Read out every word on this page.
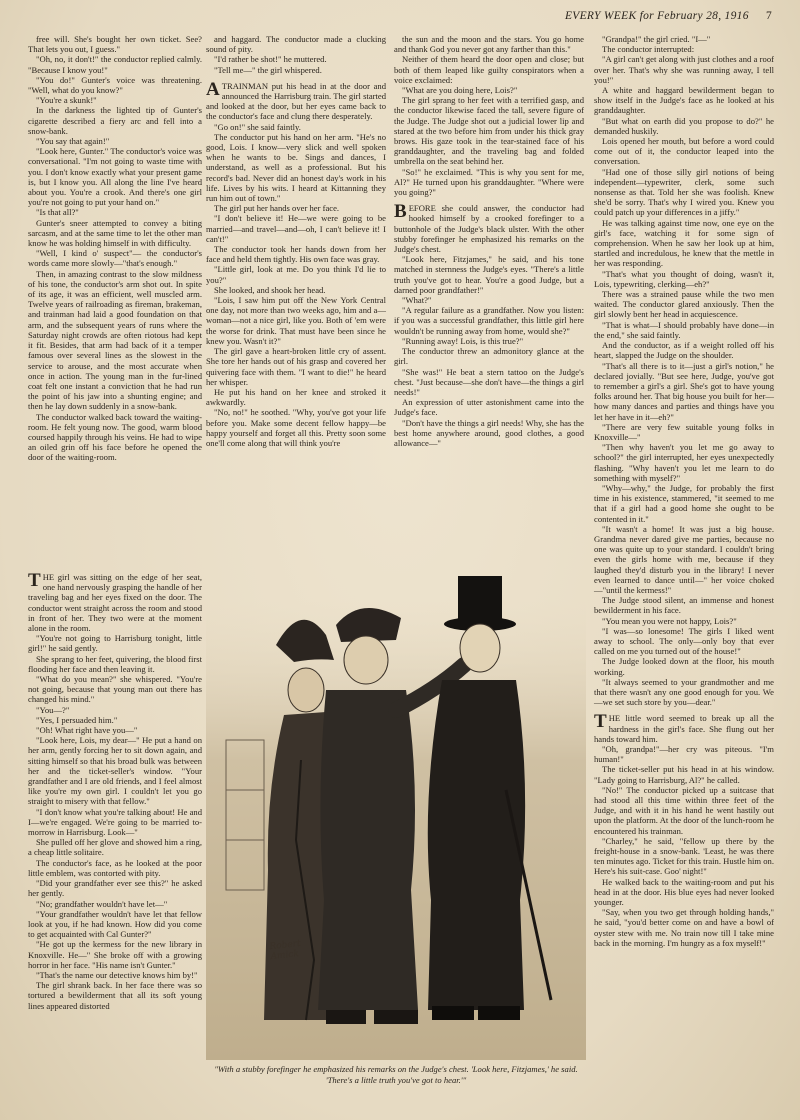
EVERY WEEK for February 28, 1916 7

free will. She's bought her own ticket. See? That lets you out, I guess."

"Oh, no, it don't!" the conductor replied calmly. "Because I know you!"

"You do!" Gunter's voice was threatening. "Well, what do you know?"

"You're a skunk!"

In the darkness the lighted tip of Gunter's cigarette described a fiery arc and fell into a snow-bank.

"You say that again!"

"Look here, Gunter." The conductor's voice was conversational. "I'm not going to waste time with you. I don't know exactly what your present game is, but I know you. All along the line I've heard about you. You're a crook. And there's one girl you're not going to put your hand on."

"Is that all?"

Gunter's sneer attempted to convey a biting sarcasm, and at the same time to let the other man know he was holding himself in with difficulty.

"Well, I kind o' suspect"— the conductor's words came more slowly—"that's enough."

Then, in amazing contrast to the slow mildness of his tone, the conductor's arm shot out. In spite of its age, it was an efficient, well muscled arm. Twelve years of railroading as fireman, brakeman, and trainman had laid a good foundation on that arm, and the subsequent years of runs where the Saturday night crowds are often riotous had kept it fit. Besides, that arm had back of it a temper famous over several lines as the slowest in the service to arouse, and the most accurate when once in action. The young man in the fur-lined coat felt one instant a conviction that he had run the point of his jaw into a shunting engine; and then he lay down suddenly in a snow-bank.

The conductor walked back toward the waiting-room. He felt young now. The good, warm blood coursed happily through his veins. He had to wipe an oiled grin off his face before he opened the door of the waiting-room.

THE girl was sitting on the edge of her seat, one hand nervously grasping the handle of her traveling bag and her eyes fixed on the door. The conductor went straight across the room and stood in front of her. They two were at the moment alone in the room.

"You're not going to Harrisburg tonight, little girl!" he said gently.

She sprang to her feet, quivering, the blood first flooding her face and then leaving it.

"What do you mean?" she whispered. "You're not going, because that young man out there has changed his mind."

"You—?"

"Yes, I persuaded him."

"Oh! What right have you—"

"Look here, Lois, my dear—" He put a hand on her arm, gently forcing her to sit down again, and sitting himself so that his broad bulk was between her and the ticket-seller's window. "Your grandfather and I are old friends, and I feel almost like you're my own girl. I couldn't let you go straight to misery with that fellow."

"I don't know what you're talking about! He and I—we're engaged. We're going to be married to-morrow in Harrisburg. Look—"

She pulled off her glove and showed him a ring, a cheap little solitaire.

The conductor's face, as he looked at the poor little emblem, was contorted with pity.

"Did your grandfather ever see this?" he asked her gently.

"No; grandfather wouldn't have let—"

"Your grandfather wouldn't have let that fellow look at you, if he had known. How did you come to get acquainted with Cal Gunter?"

"He got up the kermess for the new library in Knoxville. He—" She broke off with a growing horror in her face. "His name isn't Gunter."

"That's the name our detective knows him by!"

The girl shrank back. In her face there was so tortured a bewilderment that all its soft young lines appeared distorted

and haggard. The conductor made a clucking sound of pity.

"I'd rather be shot!" he muttered.

"Tell me—" the girl whispered.

ATRAINMAN put his head in at the door and announced the Harrisburg train. The girl started and looked at the door, but her eyes came back to the conductor's face and clung there desperately.

"Go on!" she said faintly.

The conductor put his hand on her arm. "He's no good, Lois. I know—very slick and well spoken when he wants to be. Sings and dances, I understand, as well as a professional. But his record's bad. Never did an honest day's work in his life. Lives by his wits. I heard at Kittanning they run him out of town."

The girl put her hands over her face.

"I don't believe it! He—we were going to be married—and travel—and—oh, I can't believe it! I can't!"

The conductor took her hands down from her face and held them tightly. His own face was gray.

"Little girl, look at me. Do you think I'd lie to you?"

She looked, and shook her head.

"Lois, I saw him put off the New York Central one day, not more than two weeks ago, him and a—woman—not a nice girl, like you. Both of 'em were the worse for drink. That must have been since he knew you. Wasn't it?"

The girl gave a heart-broken little cry of assent. She tore her hands out of his grasp and covered her quivering face with them. "I want to die!" he heard her whisper.

He put his hand on her knee and stroked it awkwardly.

"No, no!" he soothed. "Why, you've got your life before you. Make some decent fellow happy—be happy yourself and forget all this. Pretty soon some one'll come along that will think you're

the sun and the moon and the stars. You go home and thank God you never got any farther than this."

Neither of them heard the door open and close; but both of them leaped like guilty conspirators when a voice exclaimed:

"What are you doing here, Lois?"

The girl sprang to her feet with a terrified gasp, and the conductor likewise faced the tall, severe figure of the Judge. The Judge shot out a judicial lower lip and stared at the two before him from under his thick gray brows. His gaze took in the tear-stained face of his granddaughter, and the traveling bag and folded umbrella on the seat behind her.

"So!" he exclaimed. "This is why you sent for me, Al?" He turned upon his granddaughter. "Where were you going?"

BEFORE she could answer, the conductor had hooked himself by a crooked forefinger to a buttonhole of the Judge's black ulster. With the other stubby forefinger he emphasized his remarks on the Judge's chest.

"Look here, Fitzjames," he said, and his tone matched in sternness the Judge's eyes. "There's a little truth you've got to hear. You're a good Judge, but a darned poor grandfather!"

"What?"

"A regular failure as a grandfather. Now you listen: if you was a successful grandfather, this little girl here wouldn't be running away from home, would she?"

"Running away! Lois, is this true?"

The conductor threw an admonitory glance at the girl.

"She was!" He beat a stern tattoo on the Judge's chest. "Just because—she don't have—the things a girl needs!"

An expression of utter astonishment came into the Judge's face.

"Don't have the things a girl needs! Why, she has the best home anywhere around, good clothes, a good allowance—"

"Grandpa!" the girl cried. "I—"

The conductor interrupted:

"A girl can't get along with just clothes and a roof over her. That's why she was running away, I tell you!"

A white and haggard bewilderment began to show itself in the Judge's face as he looked at his granddaughter.

"But what on earth did you propose to do?" he demanded huskily.

Lois opened her mouth, but before a word could come out of it, the conductor leaped into the conversation.

"Had one of those silly girl notions of being independent—typewriter, clerk, some such nonsense as that. Told her she was foolish. Knew she'd be sorry. That's why I wired you. Knew you could patch up your differences in a jiffy."

He was talking against time now, one eye on the girl's face, watching it for some sign of comprehension. When he saw her look up at him, startled and incredulous, he knew that the mettle in her was responding.

"That's what you thought of doing, wasn't it, Lois, typewriting, clerking—eh?"

There was a strained pause while the two men waited. The conductor glared anxiously. Then the girl slowly bent her head in acquiescence.

"That is what—I should probably have done—in the end," she said faintly.

And the conductor, as if a weight rolled off his heart, slapped the Judge on the shoulder.

"That's all there is to it—just a girl's notion," he declared jovially. "But see here, Judge, you've got to remember a girl's a girl. She's got to have young folks around her. That big house you built for her—how many dances and parties and things have you let her have in it—eh?"

"There are very few suitable young folks in Knoxville—"

"Then why haven't you let me go away to school?" the girl interrupted, her eyes unexpectedly flashing. "Why haven't you let me learn to do something with myself?"

"Why—why," the Judge, for probably the first time in his existence, stammered, "it seemed to me that if a girl had a good home she ought to be contented in it."

"It wasn't a home! It was just a big house. Grandma never dared give me parties, because no one was quite up to your standard. I couldn't bring even the girls home with me, because if they laughed they'd disturb you in the library! I never even learned to dance until—" her voice choked—"until the kermess!"

The Judge stood silent, an immense and honest bewilderment in his face.

"You mean you were not happy, Lois?"

"I was—so lonesome! The girls I liked went away to school. The only—only boy that ever called on me you turned out of the house!"

The Judge looked down at the floor, his mouth working.

"It always seemed to your grandmother and me that there wasn't any one good enough for you. We—we set such store by you—dear."

THE little word seemed to break up all the hardness in the girl's face. She flung out her hands toward him.

"Oh, grandpa!"—her cry was piteous. "I'm human!"

The ticket-seller put his head in at his window. "Lady going to Harrisburg, Al?" he called.

"No!" The conductor picked up a suitcase that had stood all this time within three feet of the Judge, and with it in his hand he went hastily out upon the platform. At the door of the lunch-room he encountered his trainman.

"Charley," he said, "fellow up there by the freight-house in a snow-bank. 'Least, he was there ten minutes ago. Ticket for this train. Hustle him on. Here's his suit-case. Goo' night!"

He walked back to the waiting-room and put his head in at the door. His blue eyes had never looked younger.

"Say, when you two get through holding hands," he said, "you'd better come on and have a bowl of oyster stew with me. No train now till I take mine back in the morning. I'm hungry as a fox myself!"

Robert Amick
"With a stubby forefinger he emphasized his remarks on the Judge's chest. 'Look here, Fitzjames,' he said. 'There's a little truth you've got to hear.'"
